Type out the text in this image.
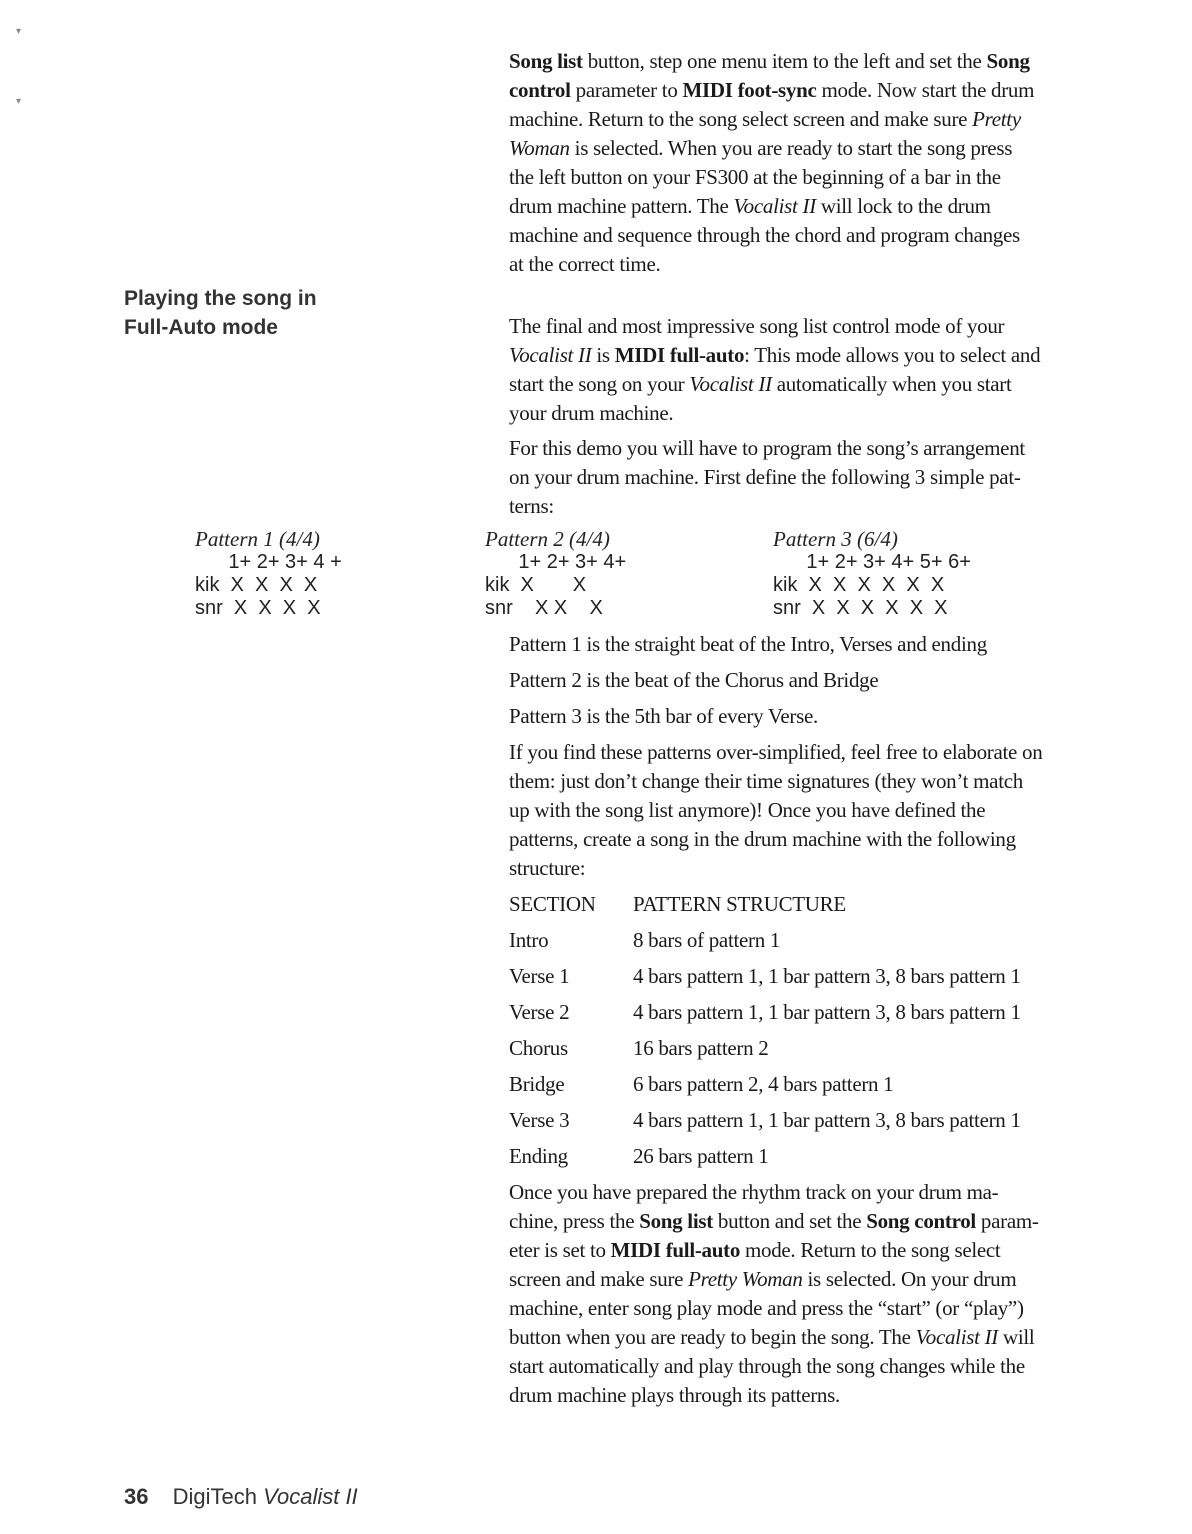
▾
▾

Song list button, step one menu item to the left and set the Song

control parameter to MIDI foot-sync mode. Now start the drum

machine. Return to the song select screen and make sure Pretty

Woman is selected. When you are ready to start the song press

the left button on your FS300 at the beginning of a bar in the

drum machine pattern. The Vocalist II will lock to the drum

machine and sequence through the chord and program changes

at the correct time.

Playing the song in
Full-Auto mode	The final and most impressive song list control mode of your

Vocalist II is MIDI full-auto: This mode allows you to select and

start the song on your Vocalist II automatically when you start

your drum machine.

For this demo you will have to program the song’s arrangement

on your drum machine. First define the following 3 simple pat-

terns:

Pattern 1 (4/4)
1+ 2+ 3+ 4 +
kik  X  X  X  X
snr  X  X  X  X
Pattern 2 (4/4)
1+ 2+ 3+ 4+
kik  X       X
snr    X X    X
Pattern 3 (6/4)
1+ 2+ 3+ 4+ 5+ 6+
kik  X  X  X  X  X  X
snr  X  X  X  X  X  X

Pattern 1 is the straight beat of the Intro, Verses and ending

Pattern 2 is the beat of the Chorus and Bridge

Pattern 3 is the 5th bar of every Verse.

If you find these patterns over-simplified, feel free to elaborate on

them: just don’t change their time signatures (they won’t match

up with the song list anymore)! Once you have defined the

patterns, create a song in the drum machine with the following

structure:

SECTION	PATTERN STRUCTURE
Intro	8 bars of pattern 1
Verse 1	4 bars pattern 1, 1 bar pattern 3, 8 bars pattern 1
Verse 2	4 bars pattern 1, 1 bar pattern 3, 8 bars pattern 1
Chorus	16 bars pattern 2
Bridge	6 bars pattern 2, 4 bars pattern 1
Verse 3	4 bars pattern 1, 1 bar pattern 3, 8 bars pattern 1
Ending	26 bars pattern 1

Once you have prepared the rhythm track on your drum ma-

chine, press the Song list button and set the Song control param-

eter is set to MIDI full-auto mode. Return to the song select

screen and make sure Pretty Woman is selected. On your drum

machine, enter song play mode and press the “start” (or “play”)

button when you are ready to begin the song. The Vocalist II will

start automatically and play through the song changes while the

drum machine plays through its patterns.

36 DigiTech Vocalist II
